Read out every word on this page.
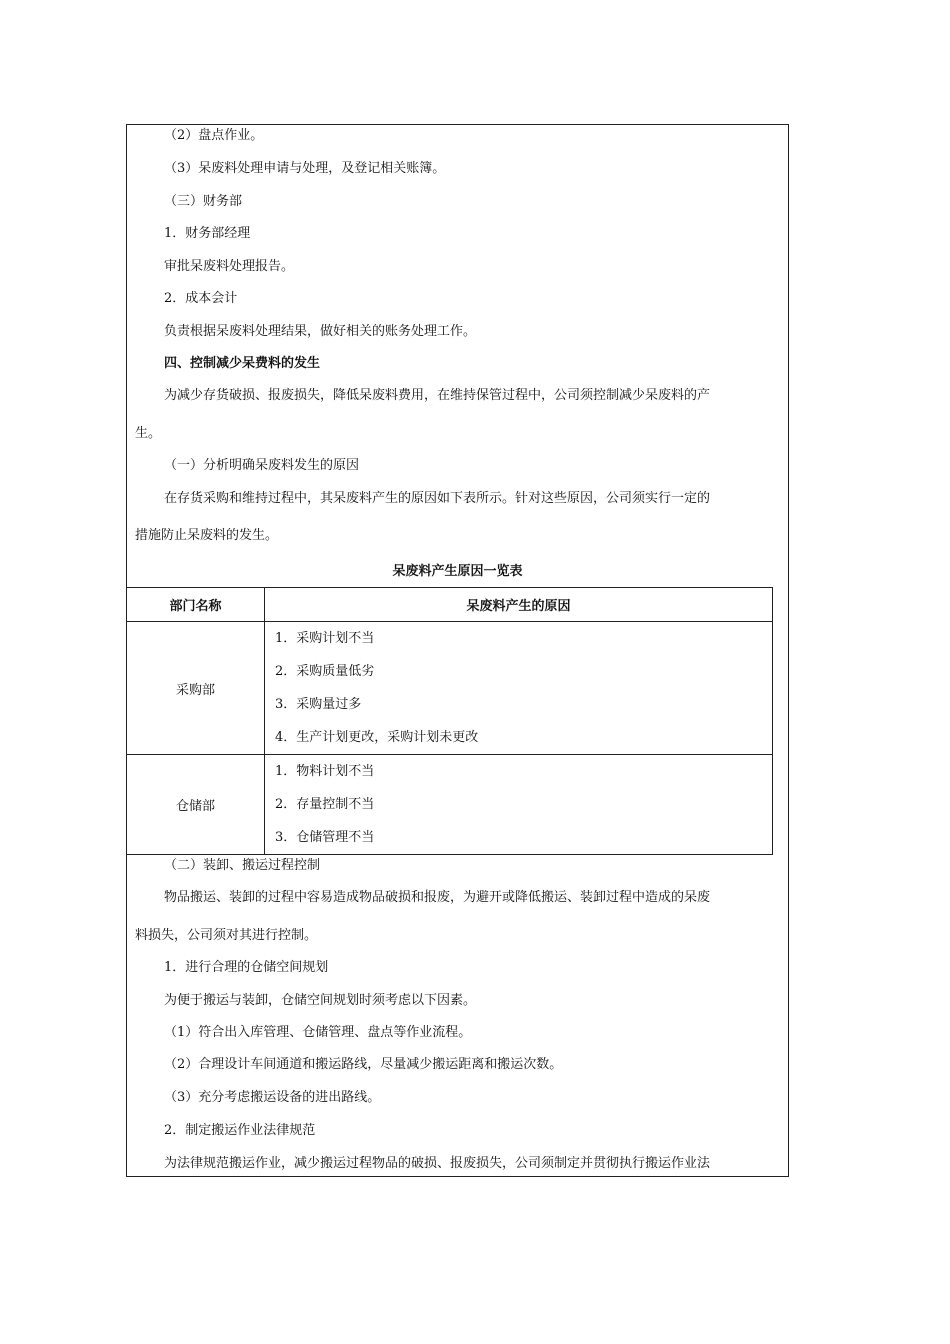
（2）盘点作业。
（3）呆废料处理申请与处理，及登记相关账簿。
（三）财务部
1．财务部经理
审批呆废料处理报告。
2．成本会计
负责根据呆废料处理结果，做好相关的账务处理工作。
四、控制减少呆费料的发生
为减少存货破损、报废损失，降低呆废料费用，在维持保管过程中，公司须控制减少呆废料的产
生。
（一）分析明确呆废料发生的原因
在存货采购和维持过程中，其呆废料产生的原因如下表所示。针对这些原因，公司须实行一定的
措施防止呆废料的发生。
呆废料产生原因一览表
部门名称	呆废料产生的原因
采购部	1．采购计划不当
2．采购质量低劣
3．采购量过多
4．生产计划更改，采购计划未更改

仓储部	1．物料计划不当
2．存量控制不当
3．仓储管理不当
（二）装卸、搬运过程控制
物品搬运、装卸的过程中容易造成物品破损和报废，为避开或降低搬运、装卸过程中造成的呆废
料损失，公司须对其进行控制。
1．进行合理的仓储空间规划
为便于搬运与装卸，仓储空间规划时须考虑以下因素。
（1）符合出入库管理、仓储管理、盘点等作业流程。
（2）合理设计车间通道和搬运路线，尽量减少搬运距离和搬运次数。
（3）充分考虑搬运设备的进出路线。
2．制定搬运作业法律规范
为法律规范搬运作业，减少搬运过程物品的破损、报废损失，公司须制定并贯彻执行搬运作业法
